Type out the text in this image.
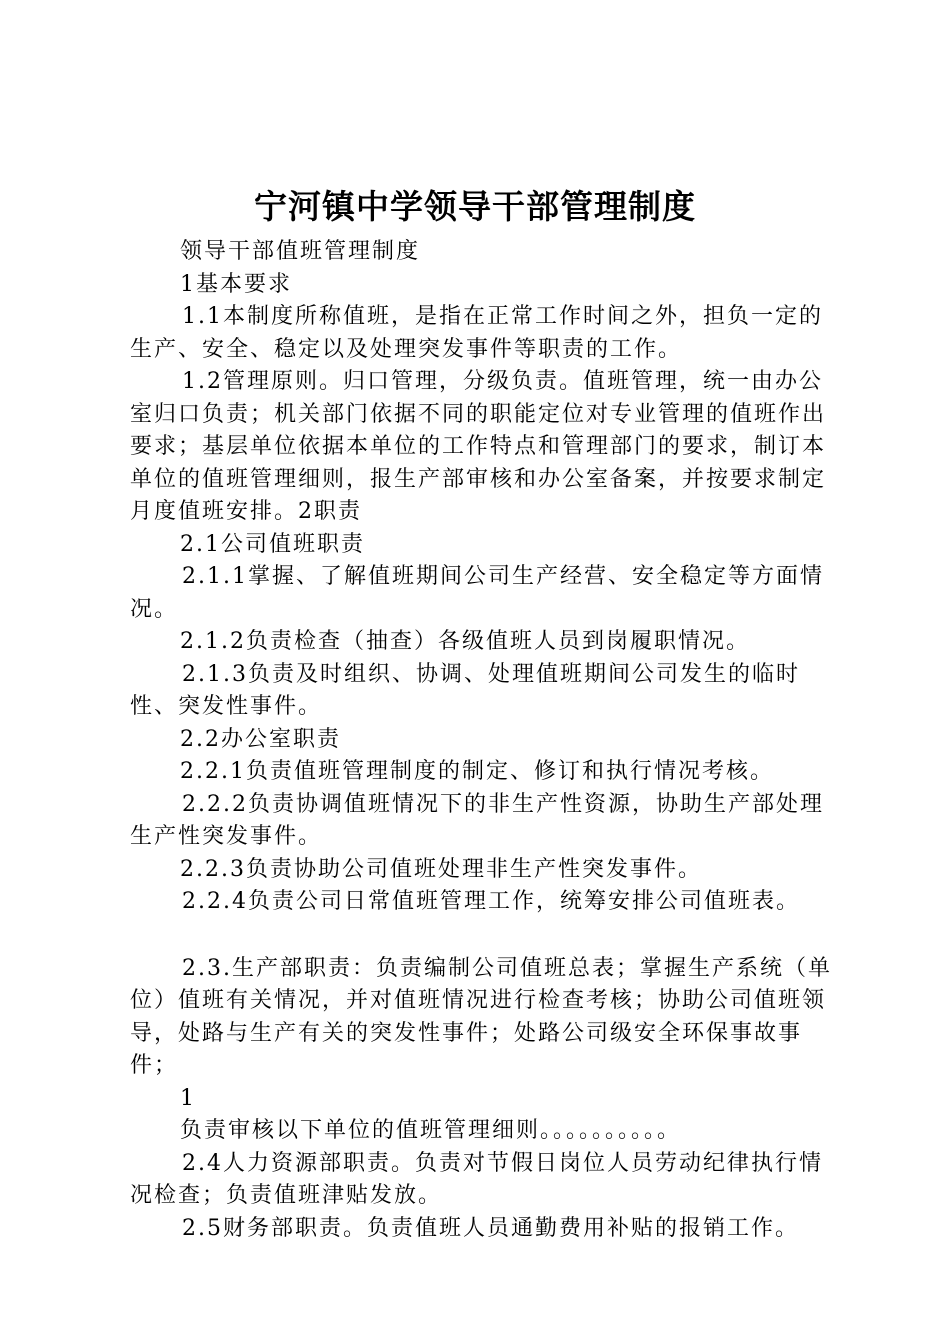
宁河镇中学领导干部管理制度

领导干部值班管理制度

1基本要求

1.1本制度所称值班，是指在正常工作时间之外，担负一定的生产、安全、稳定以及处理突发事件等职责的工作。

1.2管理原则。归口管理，分级负责。值班管理，统一由办公室归口负责；机关部门依据不同的职能定位对专业管理的值班作出要求；基层单位依据本单位的工作特点和管理部门的要求，制订本单位的值班管理细则，报生产部审核和办公室备案，并按要求制定月度值班安排。2职责

2.1公司值班职责

2.1.1掌握、了解值班期间公司生产经营、安全稳定等方面情况。

2.1.2负责检查（抽查）各级值班人员到岗履职情况。

2.1.3负责及时组织、协调、处理值班期间公司发生的临时性、突发性事件。

2.2办公室职责

2.2.1负责值班管理制度的制定、修订和执行情况考核。

2.2.2负责协调值班情况下的非生产性资源，协助生产部处理生产性突发事件。

2.2.3负责协助公司值班处理非生产性突发事件。

2.2.4负责公司日常值班管理工作，统筹安排公司值班表。

2.3.生产部职责：负责编制公司值班总表；掌握生产系统（单位）值班有关情况，并对值班情况进行检查考核；协助公司值班领导，处路与生产有关的突发性事件；处路公司级安全环保事故事件；

1

负责审核以下单位的值班管理细则。。。。。。。。。。

2.4人力资源部职责。负责对节假日岗位人员劳动纪律执行情况检查；负责值班津贴发放。

2.5财务部职责。负责值班人员通勤费用补贴的报销工作。
